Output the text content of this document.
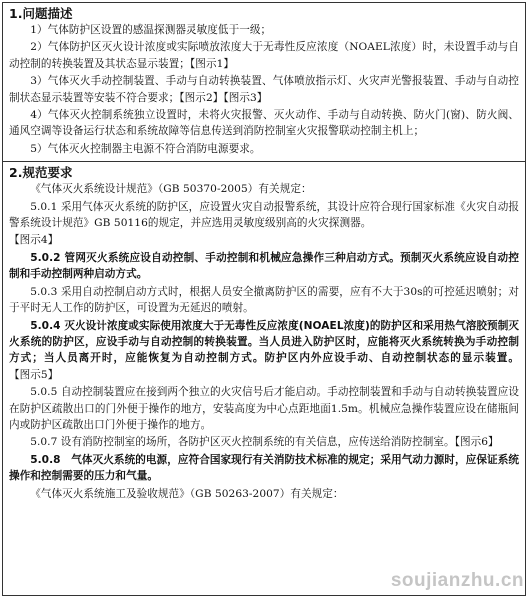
1.问题描述

1）气体防护区设置的感温探测器灵敏度低于一级；

2）气体防护区灭火设计浓度或实际喷放浓度大于无毒性反应浓度（NOAEL浓度）时，未设置手动与自动控制的转换装置及其状态显示装置；【图示1】

3）气体灭火手动控制装置、手动与自动转换装置、气体喷放指示灯、火灾声光警报装置、手动与自动控制状态显示装置等安装不符合要求；【图示2】【图示3】

4）气体灭火控制系统独立设置时，未将火灾报警、灭火动作、手动与自动转换、防火门(窗)、防火阀、通风空调等设备运行状态和系统故障等信息传送到消防控制室火灾报警联动控制主机上；

5）气体灭火控制器主电源不符合消防电源要求。

2.规范要求

《气体灭火系统设计规范》（GB 50370-2005）有关规定：

5.0.1 采用气体灭火系统的防护区，应设置火灾自动报警系统，其设计应符合现行国家标准《火灾自动报警系统设计规范》GB 50116的规定，并应选用灵敏度级别高的火灾探测器。

【图示4】

5.0.2 管网灭火系统应设自动控制、手动控制和机械应急操作三种启动方式。预制灭火系统应设自动控制和手动控制两种启动方式。

5.0.3 采用自动控制启动方式时，根据人员安全撤离防护区的需要，应有不大于30s的可控延迟喷射；对于平时无人工作的防护区，可设置为无延迟的喷射。

5.0.4 灭火设计浓度或实际使用浓度大于无毒性反应浓度(NOAEL浓度)的防护区和采用热气溶胶预制灭火系统的防护区，应设手动与自动控制的转换装置。当人员进入防护区时，应能将灭火系统转换为手动控制方式；当人员离开时，应能恢复为自动控制方式。防护区内外应设手动、自动控制状态的显示装置。【图示5】

5.0.5 自动控制装置应在接到两个独立的火灾信号后才能启动。手动控制装置和手动与自动转换装置应设在防护区疏散出口的门外便于操作的地方，安装高度为中心点距地面1.5m。机械应急操作装置应设在储瓶间内或防护区疏散出口门外便于操作的地方。

5.0.7 设有消防控制室的场所，各防护区灭火控制系统的有关信息，应传送给消防控制室。【图示6】

5.0.8　气体灭火系统的电源，应符合国家现行有关消防技术标准的规定；采用气动力源时，应保证系统操作和控制需要的压力和气量。

《气体灭火系统施工及验收规范》（GB 50263-2007）有关规定：

soujianzhu.cn
